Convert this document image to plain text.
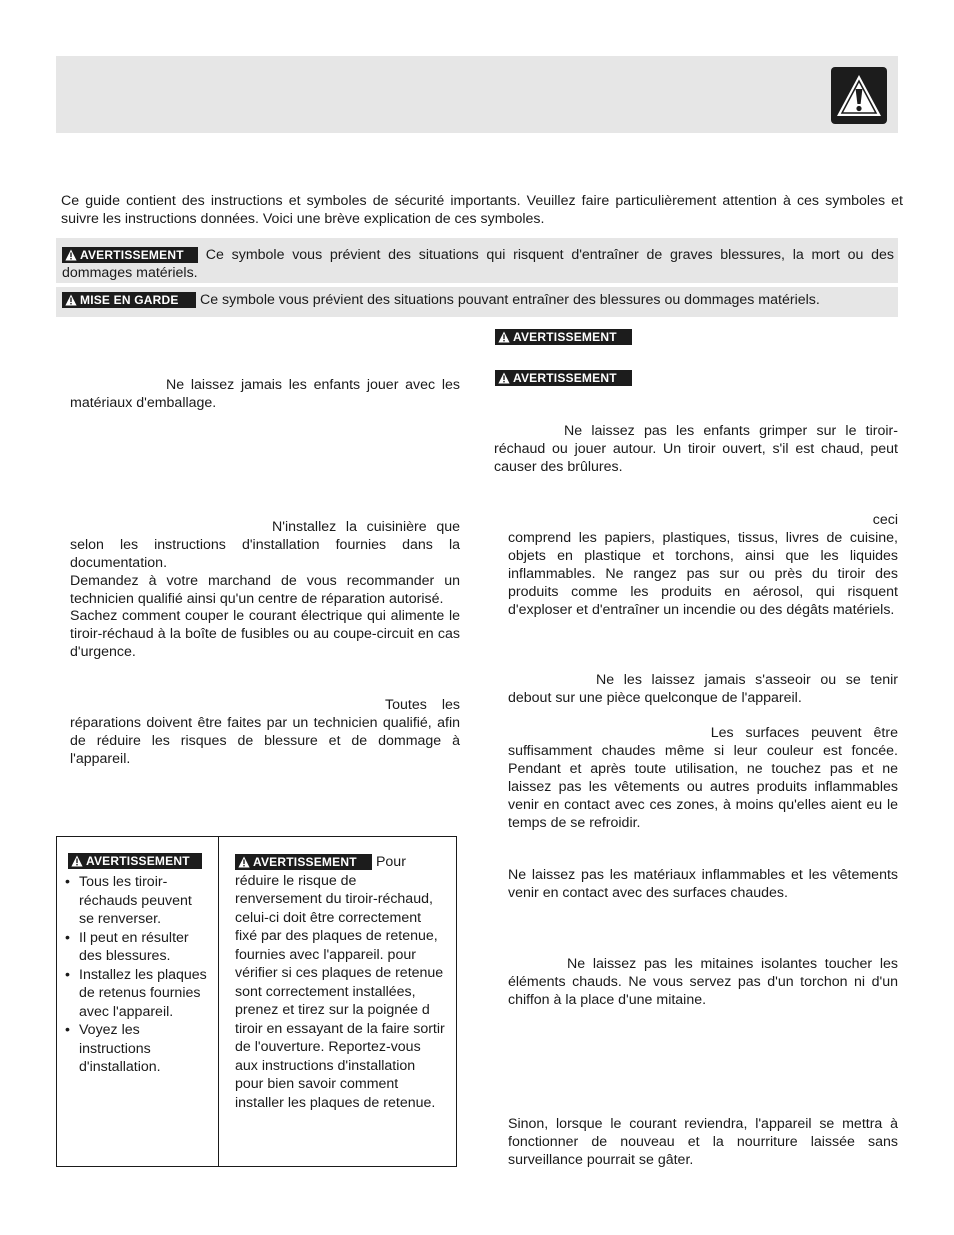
Ce guide contient des instructions et symboles de sécurité importants. Veuillez faire particulièrement attention à ces symboles et suivre les instructions données. Voici une brève explication de ces symboles.

AVERTISSEMENT Ce symbole vous prévient des situations qui risquent d'entraîner de graves blessures, la mort ou des dommages matériels.
MISE EN GARDE Ce symbole vous prévient des situations pouvant entraîner des blessures ou dommages matériels.

Ne laissez jamais les enfants jouer avec les matériaux d'emballage.

N'installez la cuisinière que selon les instructions d'installation fournies dans la documentation.

Demandez à votre marchand de vous recommander un technicien qualifié ainsi qu'un centre de réparation autorisé.

Sachez comment couper le courant électrique qui alimente le tiroir-réchaud à la boîte de fusibles ou au coupe-circuit en cas d'urgence.

Toutes les réparations doivent être faites par un technicien qualifié, afin de réduire les risques de blessure et de dommage à l'appareil.

AVERTISSEMENT
• Tous les tiroir-réchauds peuvent se renverser.
• Il peut en résulter des blessures.
• Installez les plaques de retenus fournies avec l'appareil.
• Voyez les instructions d'installation.
AVERTISSEMENT Pour réduire le risque de renversement du tiroir-réchaud, celui-ci doit être correctement fixé par des plaques de retenue, fournies avec l'appareil. pour vérifier si ces plaques de retenue sont correctement installées, prenez et tirez sur la poignée d tiroir en essayant de la faire sortir de l'ouverture. Reportez-vous aux instructions d'installation pour bien savoir comment installer les plaques de retenue.
AVERTISSEMENT
AVERTISSEMENT

Ne laissez pas les enfants grimper sur le tiroir-réchaud ou jouer autour. Un tiroir ouvert, s'il est chaud, peut causer des brûlures.

ceci

comprend les papiers, plastiques, tissus, livres de cuisine, objets en plastique et torchons, ainsi que les liquides inflammables. Ne rangez pas sur ou près du tiroir des produits comme les produits en aérosol, qui risquent d'exploser et d'entraîner un incendie ou des dégâts matériels.

Ne les laissez jamais s'asseoir ou se tenir debout sur une pièce quelconque de l'appareil.

Les surfaces peuvent être

suffisamment chaudes même si leur couleur est foncée. Pendant et après toute utilisation, ne touchez pas et ne laissez pas les vêtements ou autres produits inflammables venir en contact avec ces zones, à moins qu'elles aient eu le temps de se refroidir.

Ne laissez pas les matériaux inflammables et les vêtements venir en contact avec des surfaces chaudes.

Ne laissez pas les mitaines isolantes toucher les éléments chauds. Ne vous servez pas d'un torchon ni d'un chiffon à la place d'une mitaine.

Sinon, lorsque le courant reviendra, l'appareil se mettra à fonctionner de nouveau et la nourriture laissée sans surveillance pourrait se gâter.
